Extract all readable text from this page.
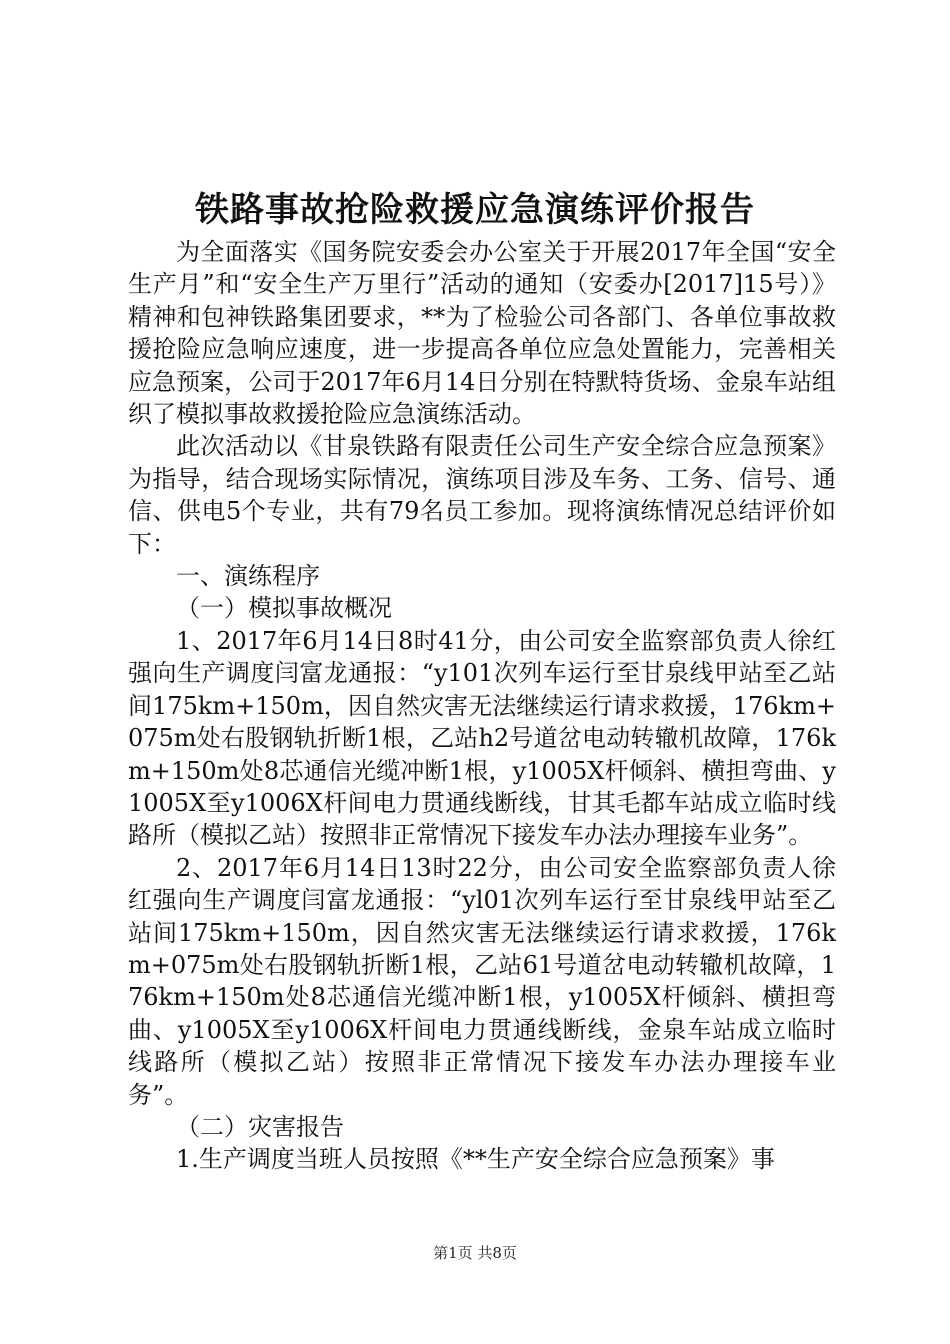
铁路事故抢险救援应急演练评价报告

为全面落实《国务院安委会办公室关于开展2017年全国“安全生产月”和“安全生产万里行”活动的通知（安委办[2017]15号）》精神和包神铁路集团要求，**为了检验公司各部门、各单位事故救援抢险应急响应速度，进一步提高各单位应急处置能力，完善相关应急预案，公司于2017年6月14日分别在特默特货场、金泉车站组织了模拟事故救援抢险应急演练活动。

此次活动以《甘泉铁路有限责任公司生产安全综合应急预案》为指导，结合现场实际情况，演练项目涉及车务、工务、信号、通信、供电5个专业，共有79名员工参加。现将演练情况总结评价如下：

一、演练程序

（一）模拟事故概况

1、2017年6月14日8时41分，由公司安全监察部负责人徐红强向生产调度闫富龙通报：“y101次列车运行至甘泉线甲站至乙站间175km+150m，因自然灾害无法继续运行请求救援，176km+075m处右股钢轨折断1根，乙站h2号道岔电动转辙机故障，176km+150m处8芯通信光缆冲断1根，y1005X杆倾斜、横担弯曲、y1005X至y1006X杆间电力贯通线断线，甘其毛都车站成立临时线路所（模拟乙站）按照非正常情况下接发车办法办理接车业务”。

2、2017年6月14日13时22分，由公司安全监察部负责人徐红强向生产调度闫富龙通报：“yl01次列车运行至甘泉线甲站至乙站间175km+150m，因自然灾害无法继续运行请求救援，176km+075m处右股钢轨折断1根，乙站61号道岔电动转辙机故障，176km+150m处8芯通信光缆冲断1根，y1005X杆倾斜、横担弯曲、y1005X至y1006X杆间电力贯通线断线，金泉车站成立临时线路所（模拟乙站）按照非正常情况下接发车办法办理接车业务”。

（二）灾害报告

1.生产调度当班人员按照《**生产安全综合应急预案》事

第1页 共8页
